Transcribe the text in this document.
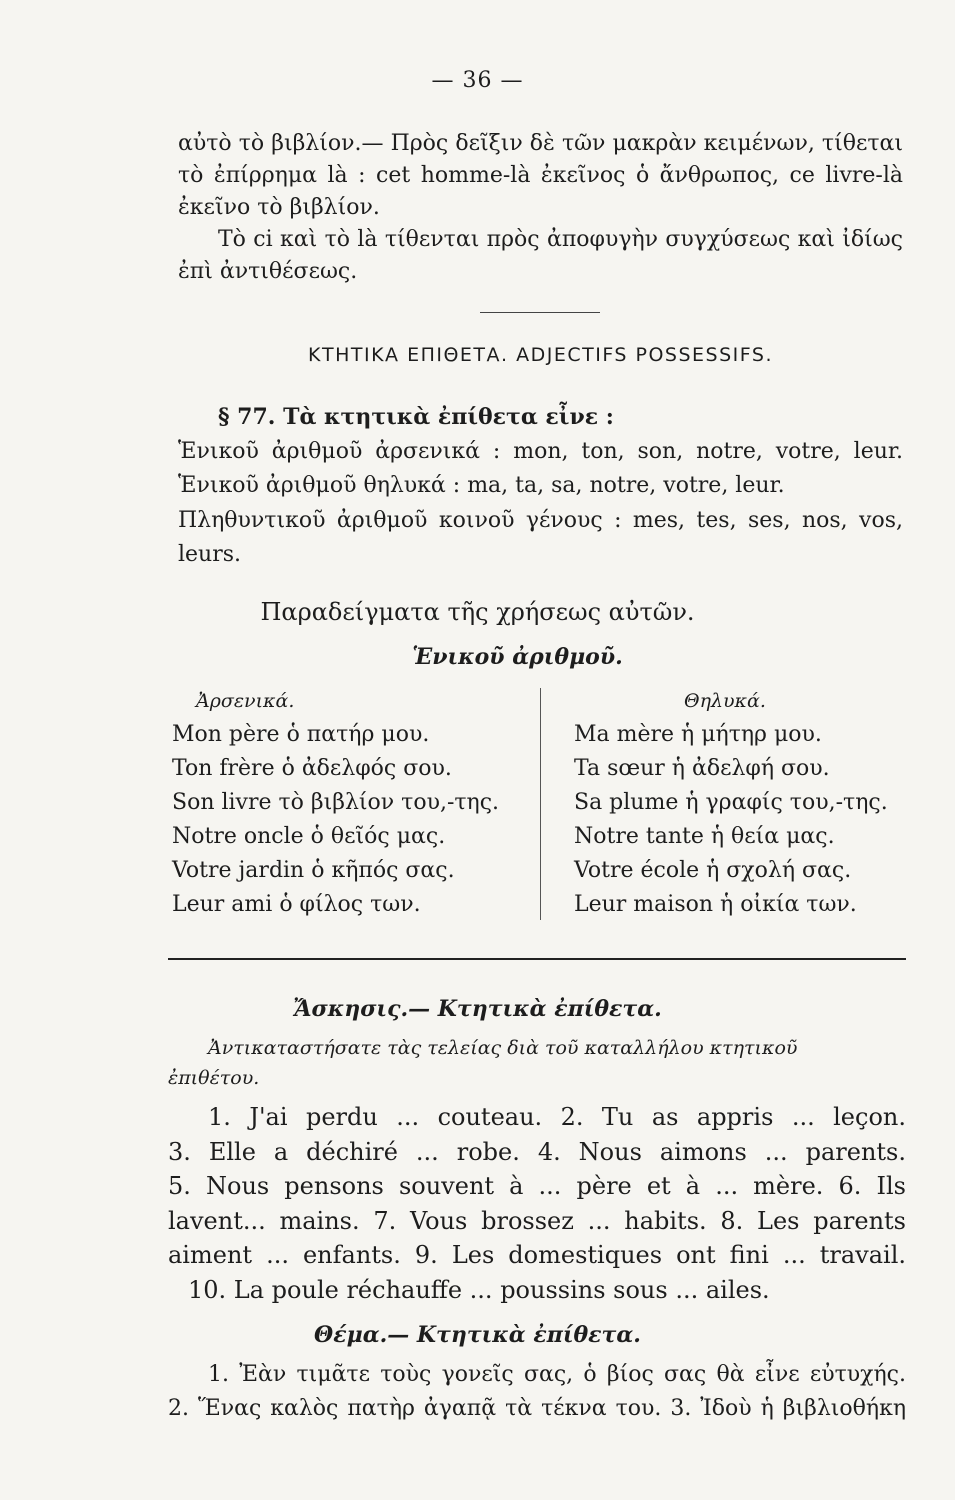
— 36 —
αὐτὸ τὸ βιβλίον.— Πρὸς δεῖξιν δὲ τῶν μακρὰν κειμένων, τίθεται
τὸ ἐπίρρημα là : cet homme-là ἐκεῖνος ὁ ἄνθρωπος, ce livre-là
ἐκεῖνο τὸ βιβλίον.
Τὸ ci καὶ τὸ là τίθενται πρὸς ἀποφυγὴν συγχύσεως καὶ ἰδίως
ἐπὶ ἀντιθέσεως.
ΚΤΗΤΙΚΑ ΕΠΙΘΕΤΑ. ADJECTIFS POSSESSIFS.
§ 77. Τὰ κτητικὰ ἐπίθετα εἶνε :
Ἑνικοῦ ἀριθμοῦ ἀρσενικά : mon, ton, son, notre, votre, leur.
Ἑνικοῦ ἀριθμοῦ θηλυκά : ma, ta, sa, notre, votre, leur.
Πληθυντικοῦ ἀριθμοῦ κοινοῦ γένους : mes, tes, ses, nos, vos,
leurs.
Παραδείγματα τῆς χρήσεως αὐτῶν.
Ἑνικοῦ ἀριθμοῦ.
Ἀρσενικά.
Mon père ὁ πατήρ μου.
Ton frère ὁ ἀδελφός σου.
Son livre τὸ βιβλίον του,-της.
Notre oncle ὁ θεῖός μας.
Votre jardin ὁ κῆπός σας.
Leur ami ὁ φίλος των.
Θηλυκά.
Ma mère ἡ μήτηρ μου.
Ta sœur ἡ ἀδελφή σου.
Sa plume ἡ γραφίς του,-της.
Notre tante ἡ θεία μας.
Votre école ἡ σχολή σας.
Leur maison ἡ οἰκία των.
Ἄσκησις.— Κτητικὰ ἐπίθετα.
Ἀντικαταστήσατε τὰς τελείας διὰ τοῦ καταλλήλου κτητικοῦ
ἐπιθέτου.
1. J'ai perdu ... couteau. 2. Tu as appris ... leçon.
3. Elle a déchiré ... robe. 4. Nous aimons ... parents.
5. Nous pensons souvent à ... père et à ... mère. 6. Ils
lavent... mains. 7. Vous brossez ... habits. 8. Les parents
aiment ... enfants. 9. Les domestiques ont fini ... travail.
10. La poule réchauffe ... poussins sous ... ailes.
Θέμα.— Κτητικὰ ἐπίθετα.
1. Ἐὰν τιμᾶτε τοὺς γονεῖς σας, ὁ βίος σας θὰ εἶνε εὐτυχής.
2. Ἕνας καλὸς πατὴρ ἀγαπᾷ τὰ τέκνα του. 3. Ἰδοὺ ἡ βιβλιοθήκη
